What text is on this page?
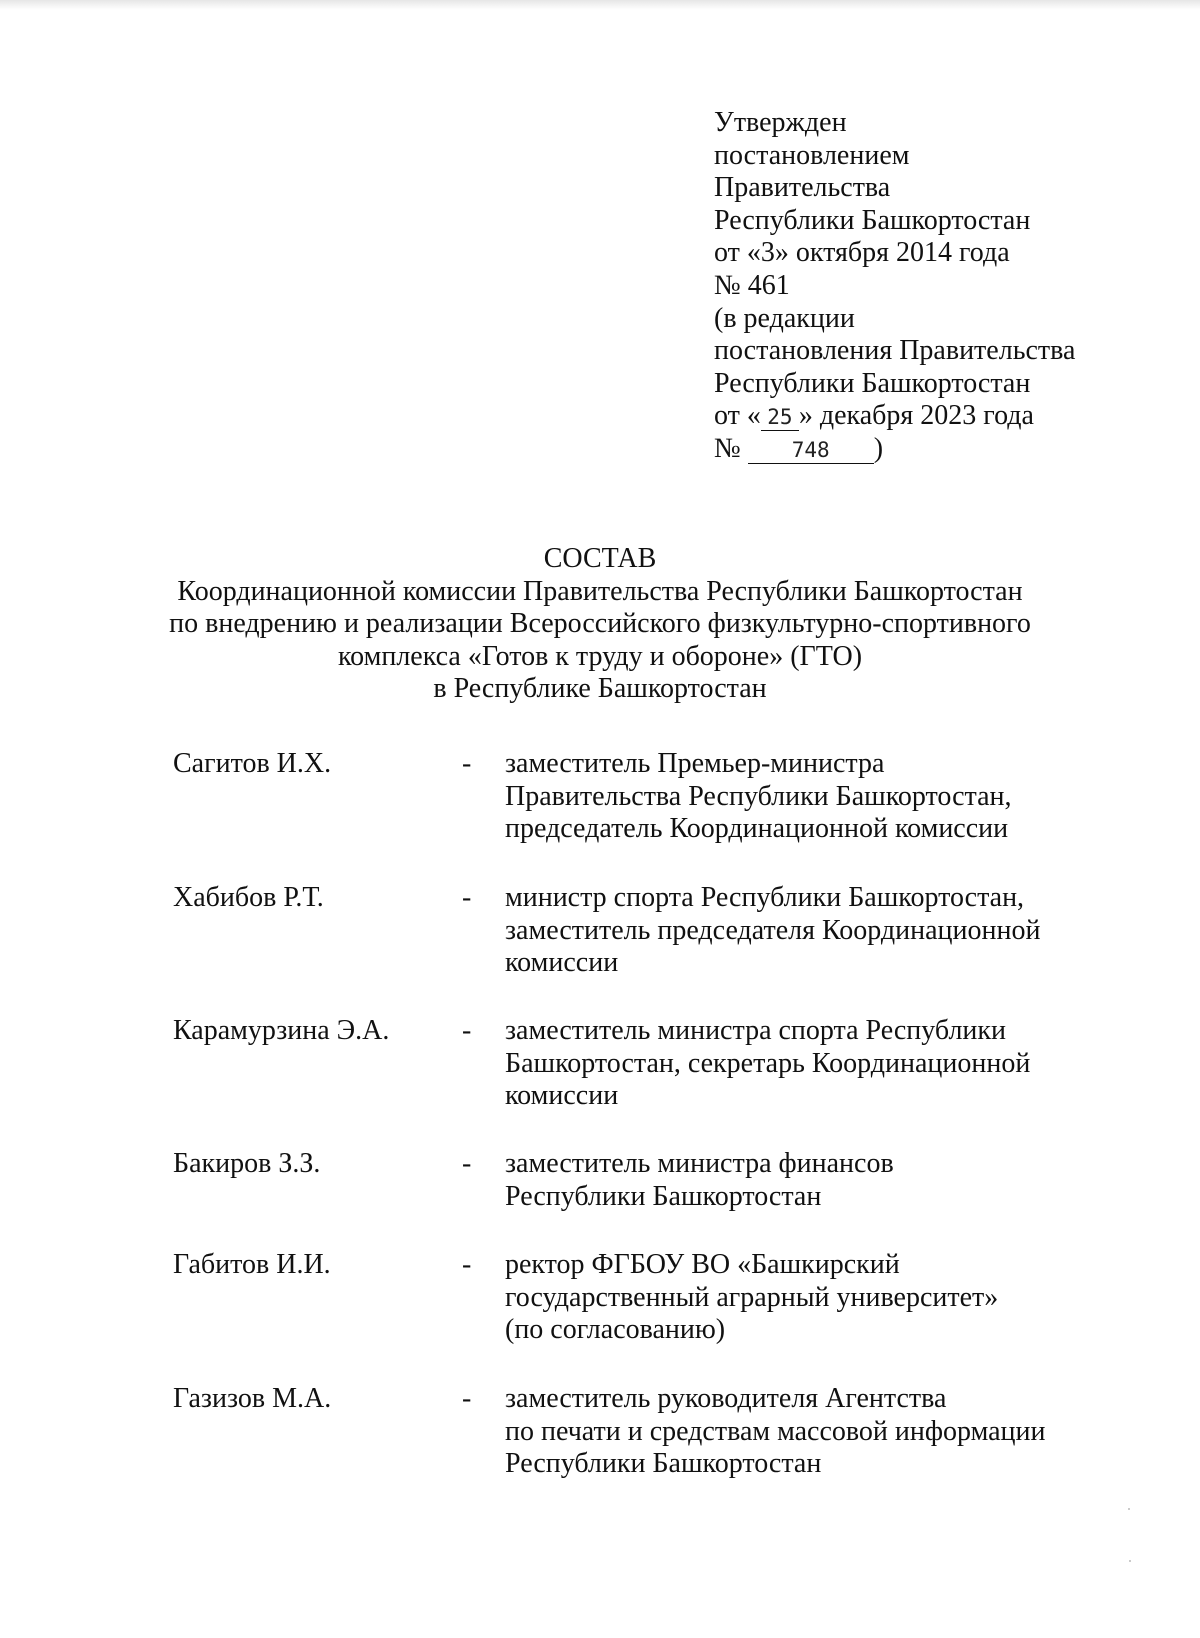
Утвержден
постановлением
Правительства
Республики Башкортостан
от «3» октября 2014 года
№ 461
(в редакции
постановления Правительства
Республики Башкортостан
от « 25 » декабря 2023 года
№ 748 )
СОСТАВ
Координационной комиссии Правительства Республики Башкортостан
по внедрению и реализации Всероссийского физкультурно-спортивного
комплекса «Готов к труду и обороне» (ГТО)
в Республике Башкортостан
Сагитов И.Х.	- заместитель Премьер-министра
Правительства Республики Башкортостан,
председатель Координационной комиссии
Хабибов Р.Т.	- министр спорта Республики Башкортостан,
заместитель председателя Координационной
комиссии
Карамурзина Э.А.	- заместитель министра спорта Республики
Башкортостан, секретарь Координационной
комиссии
Бакиров З.З.	- заместитель министра финансов
Республики Башкортостан
Габитов И.И.	- ректор ФГБОУ ВО «Башкирский
государственный аграрный университет»
(по согласованию)
Газизов М.А.	- заместитель руководителя Агентства
по печати и средствам массовой информации
Республики Башкортостан
